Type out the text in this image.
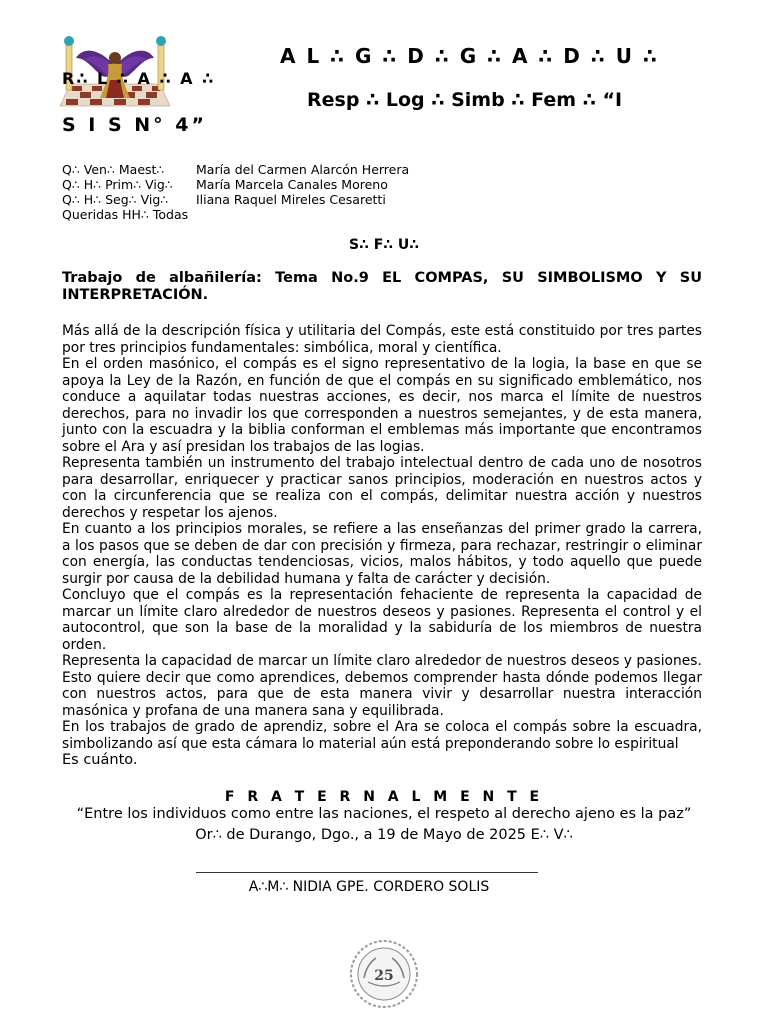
A L ∴ G ∴ D ∴ G ∴ A ∴ D ∴ U ∴
R∴ L ∴ A ∴ A ∴
Resp ∴ Log ∴ Simb ∴ Fem ∴ “I
S I S N° 4”
Q∴ Ven∴ Maest∴	María del Carmen Alarcón Herrera
Q∴ H∴ Prim∴ Vig∴	María Marcela Canales Moreno
Q∴ H∴ Seg∴ Vig∴	Iliana Raquel Mireles Cesaretti
Queridas HH∴ Todas
S∴ F∴ U∴
Trabajo de albañilería: Tema No.9 EL COMPAS, SU SIMBOLISMO Y SU INTERPRETACIÓN.

Más allá de la descripción física y utilitaria del Compás, este está constituido por tres partes por tres principios fundamentales: simbólica, moral y científica.

En el orden masónico, el compás es el signo representativo de la logia, la base en que se apoya la Ley de la Razón, en función de que el compás en su significado emblemático, nos conduce a aquilatar todas nuestras acciones, es decir, nos marca el límite de nuestros derechos, para no invadir los que corresponden a nuestros semejantes, y de esta manera, junto con la escuadra y la biblia conforman el emblemas más importante que encontramos sobre el Ara y así presidan los trabajos de las logias.

Representa también un instrumento del trabajo intelectual dentro de cada uno de nosotros para desarrollar, enriquecer y practicar sanos principios, moderación en nuestros actos y con la circunferencia que se realiza con el compás, delimitar nuestra acción y nuestros derechos y respetar los ajenos.

En cuanto a los principios morales, se refiere a las enseñanzas del primer grado la carrera, a los pasos que se deben de dar con precisión y firmeza, para rechazar, restringir o eliminar con energía, las conductas tendenciosas, vicios, malos hábitos, y todo aquello que puede surgir por causa de la debilidad humana y falta de carácter y decisión.

Concluyo que el compás es la representación fehaciente de representa la capacidad de marcar un límite claro alrededor de nuestros deseos y pasiones. Representa el control y el autocontrol, que son la base de la moralidad y la sabiduría de los miembros de nuestra orden.

Representa la capacidad de marcar un límite claro alrededor de nuestros deseos y pasiones.

Esto quiere decir que como aprendices, debemos comprender hasta dónde podemos llegar con nuestros actos, para que de esta manera vivir y desarrollar nuestra interacción masónica y profana de una manera sana y equilibrada.

En los trabajos de grado de aprendiz, sobre el Ara se coloca el compás sobre la escuadra, simbolizando así que esta cámara lo material aún está preponderando sobre lo espiritual

Es cuánto.

F R A T E R N A L M E N T E
“Entre los individuos como entre las naciones, el respeto al derecho ajeno es la paz”
Or∴ de Durango, Dgo., a 19 de Mayo de 2025 E∴ V∴
A∴M∴ NIDIA GPE. CORDERO SOLIS
25
